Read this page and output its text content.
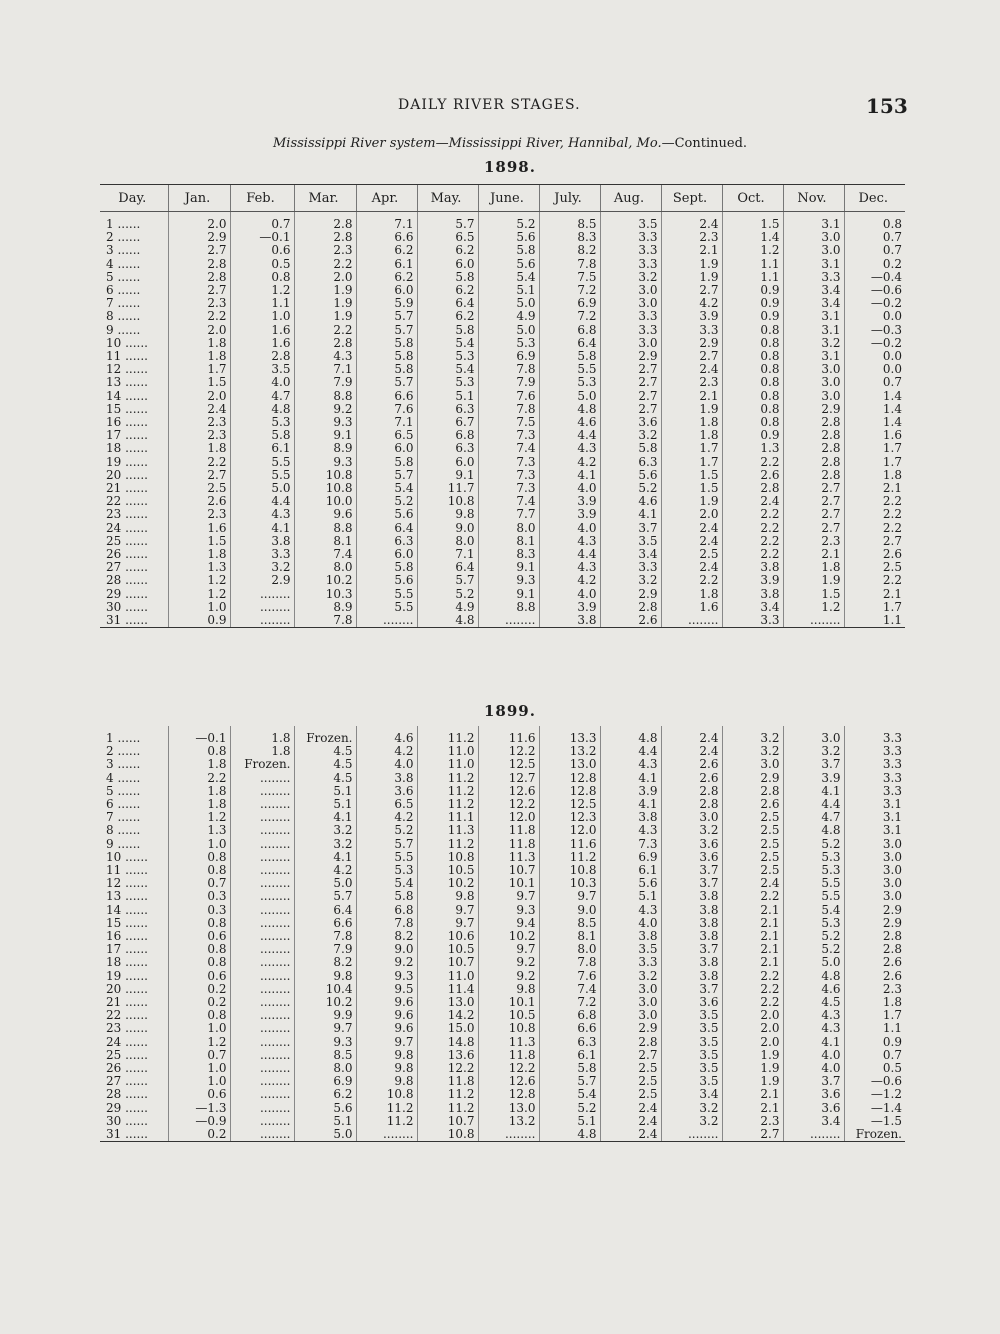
DAILY RIVER STAGES.	153
Mississippi River system—Mississippi River, Hannibal, Mo.—Continued.
1898.
Day.	Jan.	Feb.	Mar.	Apr.	May.	June.	July.	Aug.	Sept.	Oct.	Nov.	Dec.
1 ......	2.0	0.7	2.8	7.1	5.7	5.2	8.5	3.5	2.4	1.5	3.1	0.8
2 ......	2.9	—0.1	2.8	6.6	6.5	5.6	8.3	3.3	2.3	1.4	3.0	0.7
3 ......	2.7	0.6	2.3	6.2	6.2	5.8	8.2	3.3	2.1	1.2	3.0	0.7
4 ......	2.8	0.5	2.2	6.1	6.0	5.6	7.8	3.3	1.9	1.1	3.1	0.2
5 ......	2.8	0.8	2.0	6.2	5.8	5.4	7.5	3.2	1.9	1.1	3.3	—0.4
6 ......	2.7	1.2	1.9	6.0	6.2	5.1	7.2	3.0	2.7	0.9	3.4	—0.6
7 ......	2.3	1.1	1.9	5.9	6.4	5.0	6.9	3.0	4.2	0.9	3.4	—0.2
8 ......	2.2	1.0	1.9	5.7	6.2	4.9	7.2	3.3	3.9	0.9	3.1	0.0
9 ......	2.0	1.6	2.2	5.7	5.8	5.0	6.8	3.3	3.3	0.8	3.1	—0.3
10 ......	1.8	1.6	2.8	5.8	5.4	5.3	6.4	3.0	2.9	0.8	3.2	—0.2
11 ......	1.8	2.8	4.3	5.8	5.3	6.9	5.8	2.9	2.7	0.8	3.1	0.0
12 ......	1.7	3.5	7.1	5.8	5.4	7.8	5.5	2.7	2.4	0.8	3.0	0.0
13 ......	1.5	4.0	7.9	5.7	5.3	7.9	5.3	2.7	2.3	0.8	3.0	0.7
14 ......	2.0	4.7	8.8	6.6	5.1	7.6	5.0	2.7	2.1	0.8	3.0	1.4
15 ......	2.4	4.8	9.2	7.6	6.3	7.8	4.8	2.7	1.9	0.8	2.9	1.4
16 ......	2.3	5.3	9.3	7.1	6.7	7.5	4.6	3.6	1.8	0.8	2.8	1.4
17 ......	2.3	5.8	9.1	6.5	6.8	7.3	4.4	3.2	1.8	0.9	2.8	1.6
18 ......	1.8	6.1	8.9	6.0	6.3	7.4	4.3	5.8	1.7	1.3	2.8	1.7
19 ......	2.2	5.5	9.3	5.8	6.0	7.3	4.2	6.3	1.7	2.2	2.8	1.7
20 ......	2.7	5.5	10.8	5.7	9.1	7.3	4.1	5.6	1.5	2.6	2.8	1.8
21 ......	2.5	5.0	10.8	5.4	11.7	7.3	4.0	5.2	1.5	2.8	2.7	2.1
22 ......	2.6	4.4	10.0	5.2	10.8	7.4	3.9	4.6	1.9	2.4	2.7	2.2
23 ......	2.3	4.3	9.6	5.6	9.8	7.7	3.9	4.1	2.0	2.2	2.7	2.2
24 ......	1.6	4.1	8.8	6.4	9.0	8.0	4.0	3.7	2.4	2.2	2.7	2.2
25 ......	1.5	3.8	8.1	6.3	8.0	8.1	4.3	3.5	2.4	2.2	2.3	2.7
26 ......	1.8	3.3	7.4	6.0	7.1	8.3	4.4	3.4	2.5	2.2	2.1	2.6
27 ......	1.3	3.2	8.0	5.8	6.4	9.1	4.3	3.3	2.4	3.8	1.8	2.5
28 ......	1.2	2.9	10.2	5.6	5.7	9.3	4.2	3.2	2.2	3.9	1.9	2.2
29 ......	1.2	........	10.3	5.5	5.2	9.1	4.0	2.9	1.8	3.8	1.5	2.1
30 ......	1.0	........	8.9	5.5	4.9	8.8	3.9	2.8	1.6	3.4	1.2	1.7
31 ......	0.9	........	7.8	........	4.8	........	3.8	2.6	........	3.3	........	1.1
1899.
1 ......	—0.1	1.8	Frozen.	4.6	11.2	11.6	13.3	4.8	2.4	3.2	3.0	3.3
2 ......	0.8	1.8	4.5	4.2	11.0	12.2	13.2	4.4	2.4	3.2	3.2	3.3
3 ......	1.8	Frozen.	4.5	4.0	11.0	12.5	13.0	4.3	2.6	3.0	3.7	3.3
4 ......	2.2	........	4.5	3.8	11.2	12.7	12.8	4.1	2.6	2.9	3.9	3.3
5 ......	1.8	........	5.1	3.6	11.2	12.6	12.8	3.9	2.8	2.8	4.1	3.3
6 ......	1.8	........	5.1	6.5	11.2	12.2	12.5	4.1	2.8	2.6	4.4	3.1
7 ......	1.2	........	4.1	4.2	11.1	12.0	12.3	3.8	3.0	2.5	4.7	3.1
8 ......	1.3	........	3.2	5.2	11.3	11.8	12.0	4.3	3.2	2.5	4.8	3.1
9 ......	1.0	........	3.2	5.7	11.2	11.8	11.6	7.3	3.6	2.5	5.2	3.0
10 ......	0.8	........	4.1	5.5	10.8	11.3	11.2	6.9	3.6	2.5	5.3	3.0
11 ......	0.8	........	4.2	5.3	10.5	10.7	10.8	6.1	3.7	2.5	5.3	3.0
12 ......	0.7	........	5.0	5.4	10.2	10.1	10.3	5.6	3.7	2.4	5.5	3.0
13 ......	0.3	........	5.7	5.8	9.8	9.7	9.7	5.1	3.8	2.2	5.5	3.0
14 ......	0.3	........	6.4	6.8	9.7	9.3	9.0	4.3	3.8	2.1	5.4	2.9
15 ......	0.8	........	6.6	7.8	9.7	9.4	8.5	4.0	3.8	2.1	5.3	2.9
16 ......	0.6	........	7.8	8.2	10.6	10.2	8.1	3.8	3.8	2.1	5.2	2.8
17 ......	0.8	........	7.9	9.0	10.5	9.7	8.0	3.5	3.7	2.1	5.2	2.8
18 ......	0.8	........	8.2	9.2	10.7	9.2	7.8	3.3	3.8	2.1	5.0	2.6
19 ......	0.6	........	9.8	9.3	11.0	9.2	7.6	3.2	3.8	2.2	4.8	2.6
20 ......	0.2	........	10.4	9.5	11.4	9.8	7.4	3.0	3.7	2.2	4.6	2.3
21 ......	0.2	........	10.2	9.6	13.0	10.1	7.2	3.0	3.6	2.2	4.5	1.8
22 ......	0.8	........	9.9	9.6	14.2	10.5	6.8	3.0	3.5	2.0	4.3	1.7
23 ......	1.0	........	9.7	9.6	15.0	10.8	6.6	2.9	3.5	2.0	4.3	1.1
24 ......	1.2	........	9.3	9.7	14.8	11.3	6.3	2.8	3.5	2.0	4.1	0.9
25 ......	0.7	........	8.5	9.8	13.6	11.8	6.1	2.7	3.5	1.9	4.0	0.7
26 ......	1.0	........	8.0	9.8	12.2	12.2	5.8	2.5	3.5	1.9	4.0	0.5
27 ......	1.0	........	6.9	9.8	11.8	12.6	5.7	2.5	3.5	1.9	3.7	—0.6
28 ......	0.6	........	6.2	10.8	11.2	12.8	5.4	2.5	3.4	2.1	3.6	—1.2
29 ......	—1.3	........	5.6	11.2	11.2	13.0	5.2	2.4	3.2	2.1	3.6	—1.4
30 ......	—0.9	........	5.1	11.2	10.7	13.2	5.1	2.4	3.2	2.3	3.4	—1.5
31 ......	0.2	........	5.0	........	10.8	........	4.8	2.4	........	2.7	........	Frozen.
